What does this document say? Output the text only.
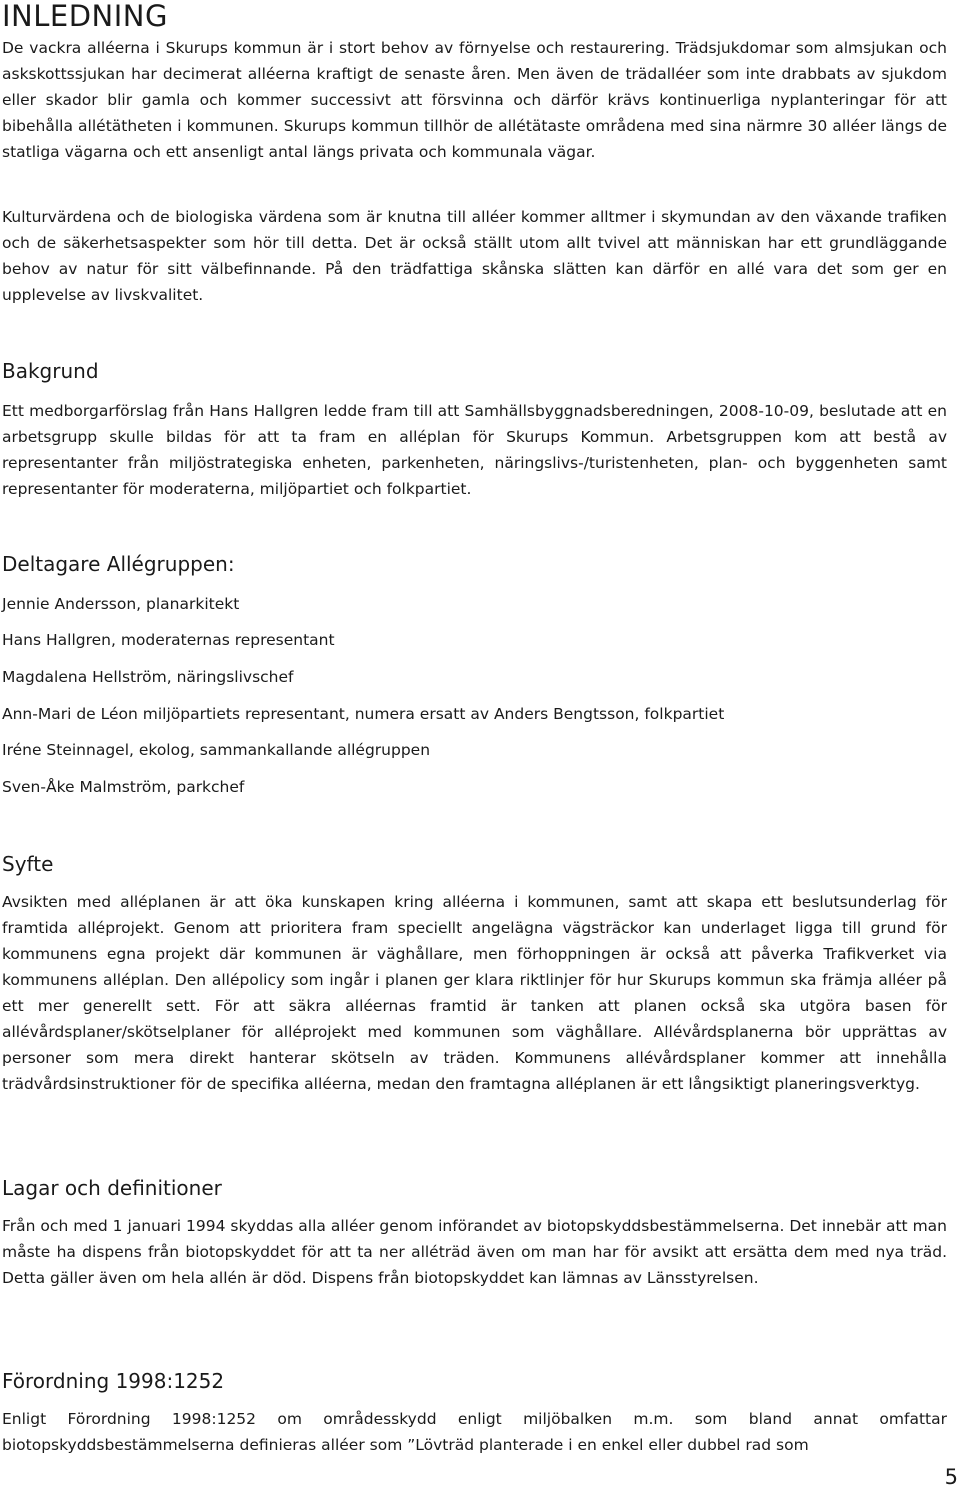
INLEDNING

De vackra alléerna i Skurups kommun är i stort behov av förnyelse och restaurering. Trädsjukdomar som almsjukan och askskottssjukan har decimerat alléerna kraftigt de senaste åren. Men även de trädalléer som inte drabbats av sjukdom eller skador blir gamla och kommer successivt att försvinna och därför krävs kontinuerliga nyplanteringar för att bibehålla allétätheten i kommunen. Skurups kommun tillhör de allétätaste områdena med sina närmre 30 alléer längs de statliga vägarna och ett ansenligt antal längs privata och kommunala vägar.

Kulturvärdena och de biologiska värdena som är knutna till alléer kommer alltmer i skymundan av den växande trafiken och de säkerhetsaspekter som hör till detta. Det är också ställt utom allt tvivel att människan har ett grundläggande behov av natur för sitt välbefinnande. På den trädfattiga skånska slätten kan därför en allé vara det som ger en upplevelse av livskvalitet.

Bakgrund

Ett medborgarförslag från Hans Hallgren ledde fram till att Samhällsbyggnadsberedningen, 2008-10-09, beslutade att en arbetsgrupp skulle bildas för att ta fram en alléplan för Skurups Kommun. Arbetsgruppen kom att bestå av representanter från miljöstrategiska enheten, parkenheten, näringslivs-/turistenheten, plan- och byggenheten samt representanter för moderaterna, miljöpartiet och folkpartiet.

Deltagare Allégruppen:
Jennie Andersson, planarkitekt
Hans Hallgren, moderaternas representant
Magdalena Hellström, näringslivschef
Ann-Mari de Léon miljöpartiets representant, numera ersatt av Anders Bengtsson, folkpartiet
Iréne Steinnagel, ekolog, sammankallande allégruppen
Sven-Åke Malmström, parkchef
Syfte

Avsikten med alléplanen är att öka kunskapen kring alléerna i kommunen, samt att skapa ett beslutsunderlag för framtida alléprojekt. Genom att prioritera fram speciellt angelägna vägsträckor kan underlaget ligga till grund för kommunens egna projekt där kommunen är väghållare, men förhoppningen är också att påverka Trafikverket via kommunens alléplan. Den allépolicy som ingår i planen ger klara riktlinjer för hur Skurups kommun ska främja alléer på ett mer generellt sett. För att säkra alléernas framtid är tanken att planen också ska utgöra basen för allévårdsplaner/skötselplaner för alléprojekt med kommunen som väghållare. Allévårdsplanerna bör upprättas av personer som mera direkt hanterar skötseln av träden. Kommunens allévårdsplaner kommer att innehålla trädvårdsinstruktioner för de specifika alléerna, medan den framtagna alléplanen är ett långsiktigt planeringsverktyg.

Lagar och definitioner

Från och med 1 januari 1994 skyddas alla alléer genom införandet av biotopskyddsbestämmelserna. Det innebär att man måste ha dispens från biotopskyddet för att ta ner alléträd även om man har för avsikt att ersätta dem med nya träd. Detta gäller även om hela allén är död. Dispens från biotopskyddet kan lämnas av Länsstyrelsen.

Förordning 1998:1252

Enligt Förordning 1998:1252 om områdesskydd enligt miljöbalken m.m. som bland annat omfattar biotopskyddsbestämmelserna definieras alléer som ”Lövträd planterade i en enkel eller dubbel rad som

5
